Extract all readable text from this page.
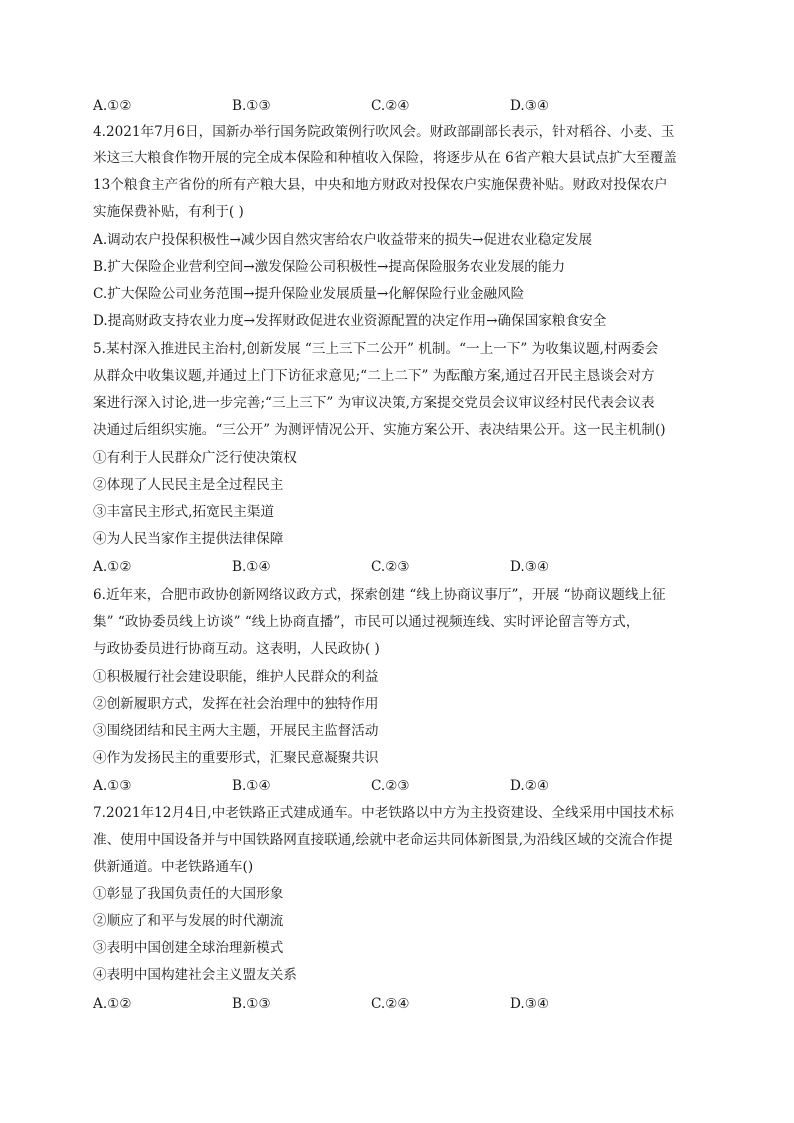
A.①②	B.①③	C.②④	D.③④
4.2021年7月6日，国新办举行国务院政策例行吹风会。财政部副部长表示，针对稻谷、小麦、玉
米这三大粮食作物开展的完全成本保险和种植收入保险，将逐步从在 6省产粮大县试点扩大至覆盖
13个粮食主产省份的所有产粮大县，中央和地方财政对投保农户实施保费补贴。财政对投保农户
实施保费补贴，有利于( )
A.调动农户投保积极性→减少因自然灾害给农户收益带来的损失→促进农业稳定发展
B.扩大保险企业营利空间→激发保险公司积极性→提高保险服务农业发展的能力
C.扩大保险公司业务范围→提升保险业发展质量→化解保险行业金融风险
D.提高财政支持农业力度→发挥财政促进农业资源配置的决定作用→确保国家粮食安全
5.某村深入推进民主治村,创新发展 “三上三下二公开” 机制。“一上一下” 为收集议题,村两委会
从群众中收集议题,并通过上门下访征求意见;“二上二下” 为酝酿方案,通过召开民主恳谈会对方
案进行深入讨论,进一步完善;“三上三下” 为审议决策,方案提交党员会议审议经村民代表会议表
决通过后组织实施。“三公开” 为测评情况公开、实施方案公开、表决结果公开。这一民主机制()
①有利于人民群众广泛行使决策权
②体现了人民民主是全过程民主
③丰富民主形式,拓宽民主渠道
④为人民当家作主提供法律保障
A.①②	B.①④	C.②③	D.③④
6.近年来，合肥市政协创新网络议政方式，探索创建 “线上协商议事厅”，开展 “协商议题线上征
集” “政协委员线上访谈” “线上协商直播”，市民可以通过视频连线、实时评论留言等方式，
与政协委员进行协商互动。这表明，人民政协( )
①积极履行社会建设职能，维护人民群众的利益
②创新履职方式，发挥在社会治理中的独特作用
③围绕团结和民主两大主题，开展民主监督活动
④作为发扬民主的重要形式，汇聚民意凝聚共识
A.①③	B.①④	C.②③	D.②④
7.2021年12月4日,中老铁路正式建成通车。中老铁路以中方为主投资建设、全线采用中国技术标
准、使用中国设备并与中国铁路网直接联通,绘就中老命运共同体新图景,为沿线区域的交流合作提
供新通道。中老铁路通车()
①彰显了我国负责任的大国形象
②顺应了和平与发展的时代潮流
③表明中国创建全球治理新模式
④表明中国构建社会主义盟友关系
A.①②	B.①③	C.②④	D.③④
